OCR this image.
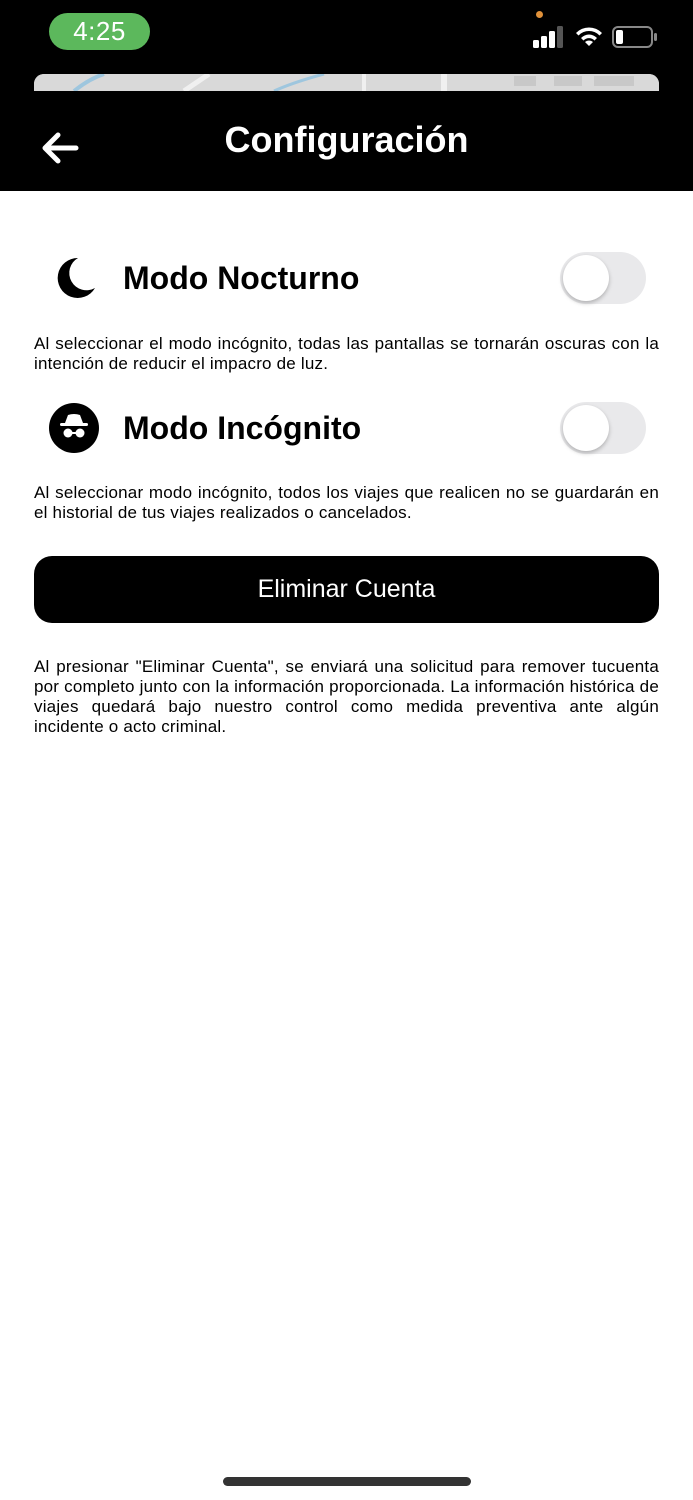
4:25
Configuración
Modo Nocturno
Al seleccionar el modo incógnito, todas las pantallas se tornarán oscuras con la intención de reducir el impacro de luz.
Modo Incógnito
Al seleccionar modo incógnito, todos los viajes que realicen no se guardarán en el historial de tus viajes realizados o cancelados.
Eliminar Cuenta
Al presionar "Eliminar Cuenta", se enviará una solicitud para remover tucuenta por completo junto con la información proporcionada. La información histórica de viajes quedará bajo nuestro control como medida preventiva ante algún incidente o acto criminal.
